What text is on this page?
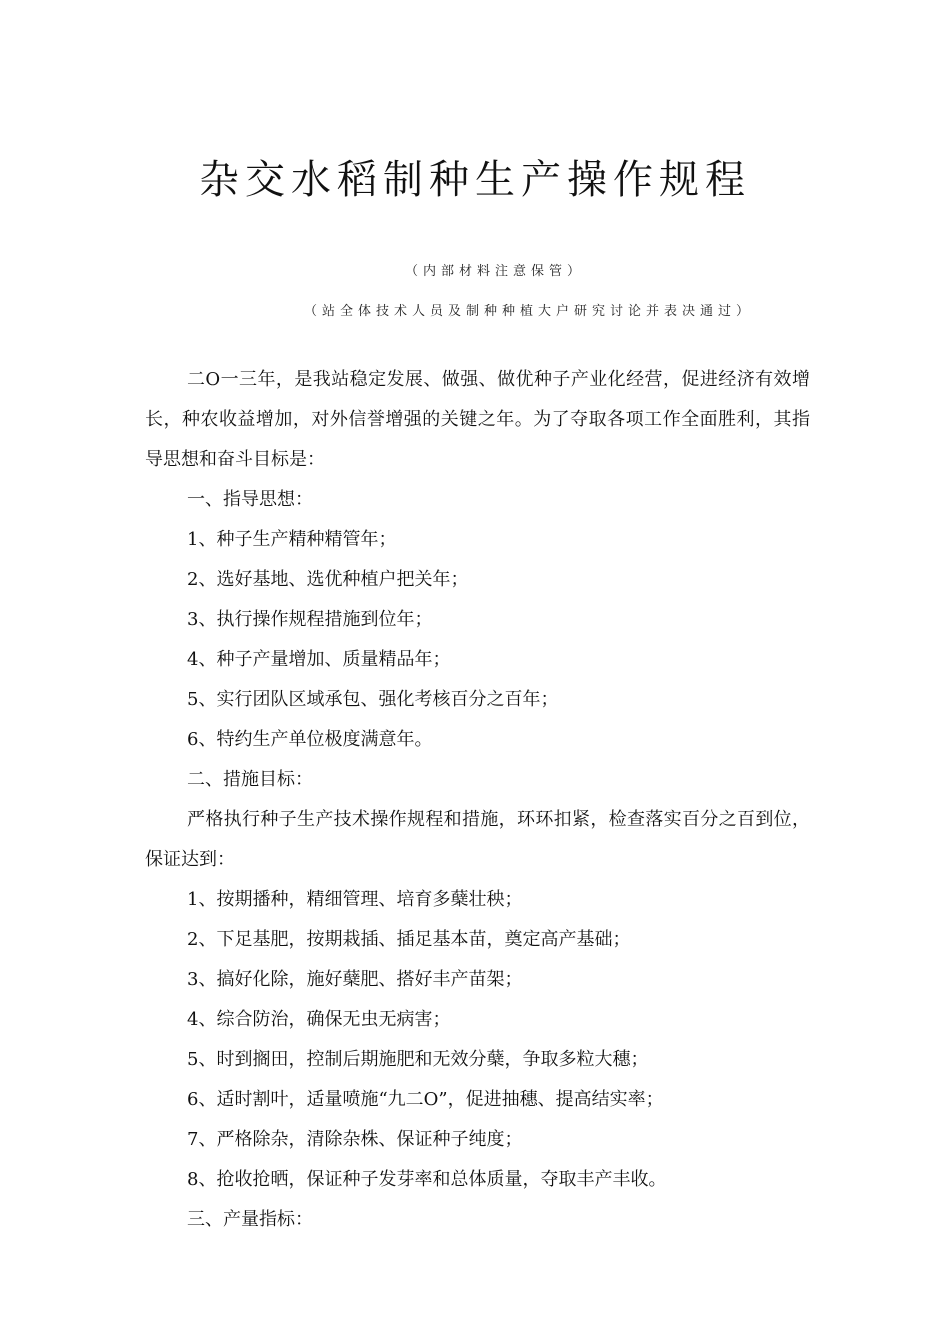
杂交水稻制种生产操作规程
（内部材料注意保管）
（站全体技术人员及制种种植大户研究讨论并表决通过）

二O一三年，是我站稳定发展、做强、做优种子产业化经营，促进经济有效增长，种农收益增加，对外信誉增强的关键之年。为了夺取各项工作全面胜利，其指导思想和奋斗目标是：

一、指导思想：

1、种子生产精种精管年；

2、选好基地、选优种植户把关年；

3、执行操作规程措施到位年；

4、种子产量增加、质量精品年；

5、实行团队区域承包、强化考核百分之百年；

6、特约生产单位极度满意年。

二、措施目标：

严格执行种子生产技术操作规程和措施，环环扣紧，检查落实百分之百到位，保证达到：

1、按期播种，精细管理、培育多蘖壮秧；

2、下足基肥，按期栽插、插足基本苗，奠定高产基础；

3、搞好化除，施好蘖肥、搭好丰产苗架；

4、综合防治，确保无虫无病害；

5、时到搁田，控制后期施肥和无效分蘖，争取多粒大穗；

6、适时割叶，适量喷施“九二O”，促进抽穗、提高结实率；

7、严格除杂，清除杂株、保证种子纯度；

8、抢收抢晒，保证种子发芽率和总体质量，夺取丰产丰收。

三、产量指标：
